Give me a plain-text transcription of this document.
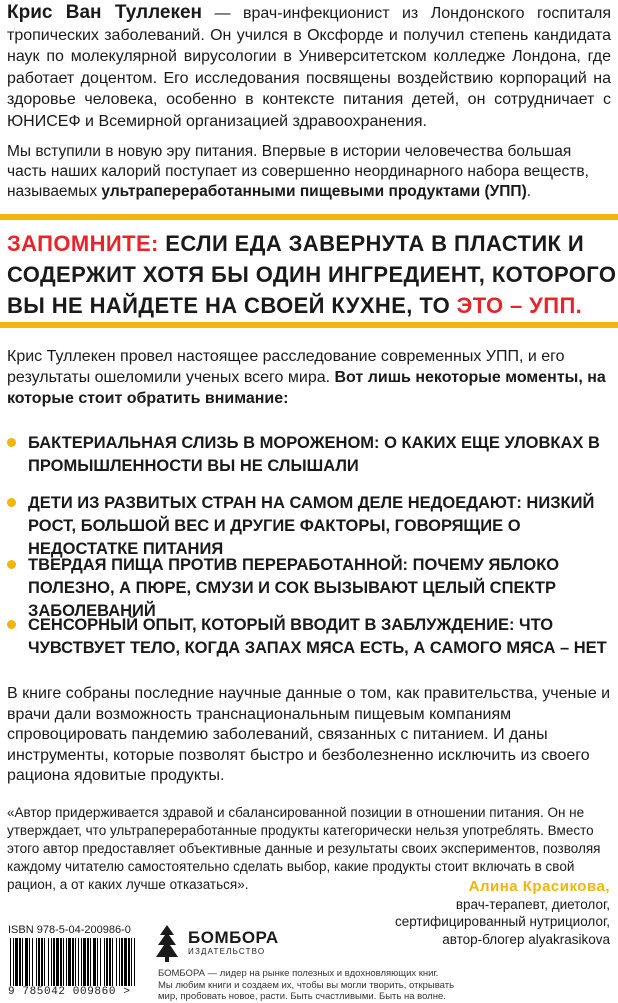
Крис Ван Туллекен — врач-инфекционист из Лондонского госпиталя тропических заболеваний. Он учился в Оксфорде и получил степень кандидата наук по молекулярной вирусологии в Университетском колледже Лондона, где работает доцентом. Его исследования посвящены воздействию корпораций на здоровье человека, особенно в контексте питания детей, он сотрудничает с ЮНИСЕФ и Всемирной организацией здравоохранения.
Мы вступили в новую эру питания. Впервые в истории человечества большая часть наших калорий поступает из совершенно неординарного набора веществ, называемых ультрапереработанными пищевыми продуктами (УПП).
ЗАПОМНИТЕ: ЕСЛИ ЕДА ЗАВЕРНУТА В ПЛАСТИК И СОДЕРЖИТ ХОТЯ БЫ ОДИН ИНГРЕДИЕНТ, КОТОРОГО ВЫ НЕ НАЙДЕТЕ НА СВОЕЙ КУХНЕ, ТО ЭТО – УПП.
Крис Туллекен провел настоящее расследование современных УПП, и его результаты ошеломили ученых всего мира. Вот лишь некоторые моменты, на которые стоит обратить внимание:
БАКТЕРИАЛЬНАЯ СЛИЗЬ В МОРОЖЕНОМ: О КАКИХ ЕЩЕ УЛОВКАХ В ПРОМЫШЛЕННОСТИ ВЫ НЕ СЛЫШАЛИ
ДЕТИ ИЗ РАЗВИТЫХ СТРАН НА САМОМ ДЕЛЕ НЕДОЕДАЮТ: НИЗКИЙ РОСТ, БОЛЬШОЙ ВЕС И ДРУГИЕ ФАКТОРЫ, ГОВОРЯЩИЕ О НЕДОСТАТКЕ ПИТАНИЯ
ТВЕРДАЯ ПИЩА ПРОТИВ ПЕРЕРАБОТАННОЙ: ПОЧЕМУ ЯБЛОКО ПОЛЕЗНО, А ПЮРЕ, СМУЗИ И СОК ВЫЗЫВАЮТ ЦЕЛЫЙ СПЕКТР ЗАБОЛЕВАНИЙ
СЕНСОРНЫЙ ОПЫТ, КОТОРЫЙ ВВОДИТ В ЗАБЛУЖДЕНИЕ: ЧТО ЧУВСТВУЕТ ТЕЛО, КОГДА ЗАПАХ МЯСА ЕСТЬ, А САМОГО МЯСА – НЕТ
В книге собраны последние научные данные о том, как правительства, ученые и врачи дали возможность транснациональным пищевым компаниям спровоцировать пандемию заболеваний, связанных с питанием. И даны инструменты, которые позволят быстро и безболезненно исключить из своего рациона ядовитые продукты.
«Автор придерживается здравой и сбалансированной позиции в отношении питания. Он не утверждает, что ультрапереработанные продукты категорически нельзя употреблять. Вместо этого автор предоставляет объективные данные и результаты своих экспериментов, позволяя каждому читателю самостоятельно сделать выбор, какие продукты стоит включать в свой рацион, а от каких лучше отказаться».	Алина Красикова,
врач-терапевт, диетолог,
сертифицированный нутрициолог,
автор-блогер alyakrasikova
ISBN 978-5-04-200986-0
9 785042 009860 >
БОМБОРА
ИЗДАТЕЛЬСТВО
БОМБОРА — лидер на рынке полезных и вдохновляющих книг.
Мы любим книги и создаем их, чтобы вы могли творить, открывать
мир, пробовать новое, расти. Быть счастливыми. Быть на волне.
